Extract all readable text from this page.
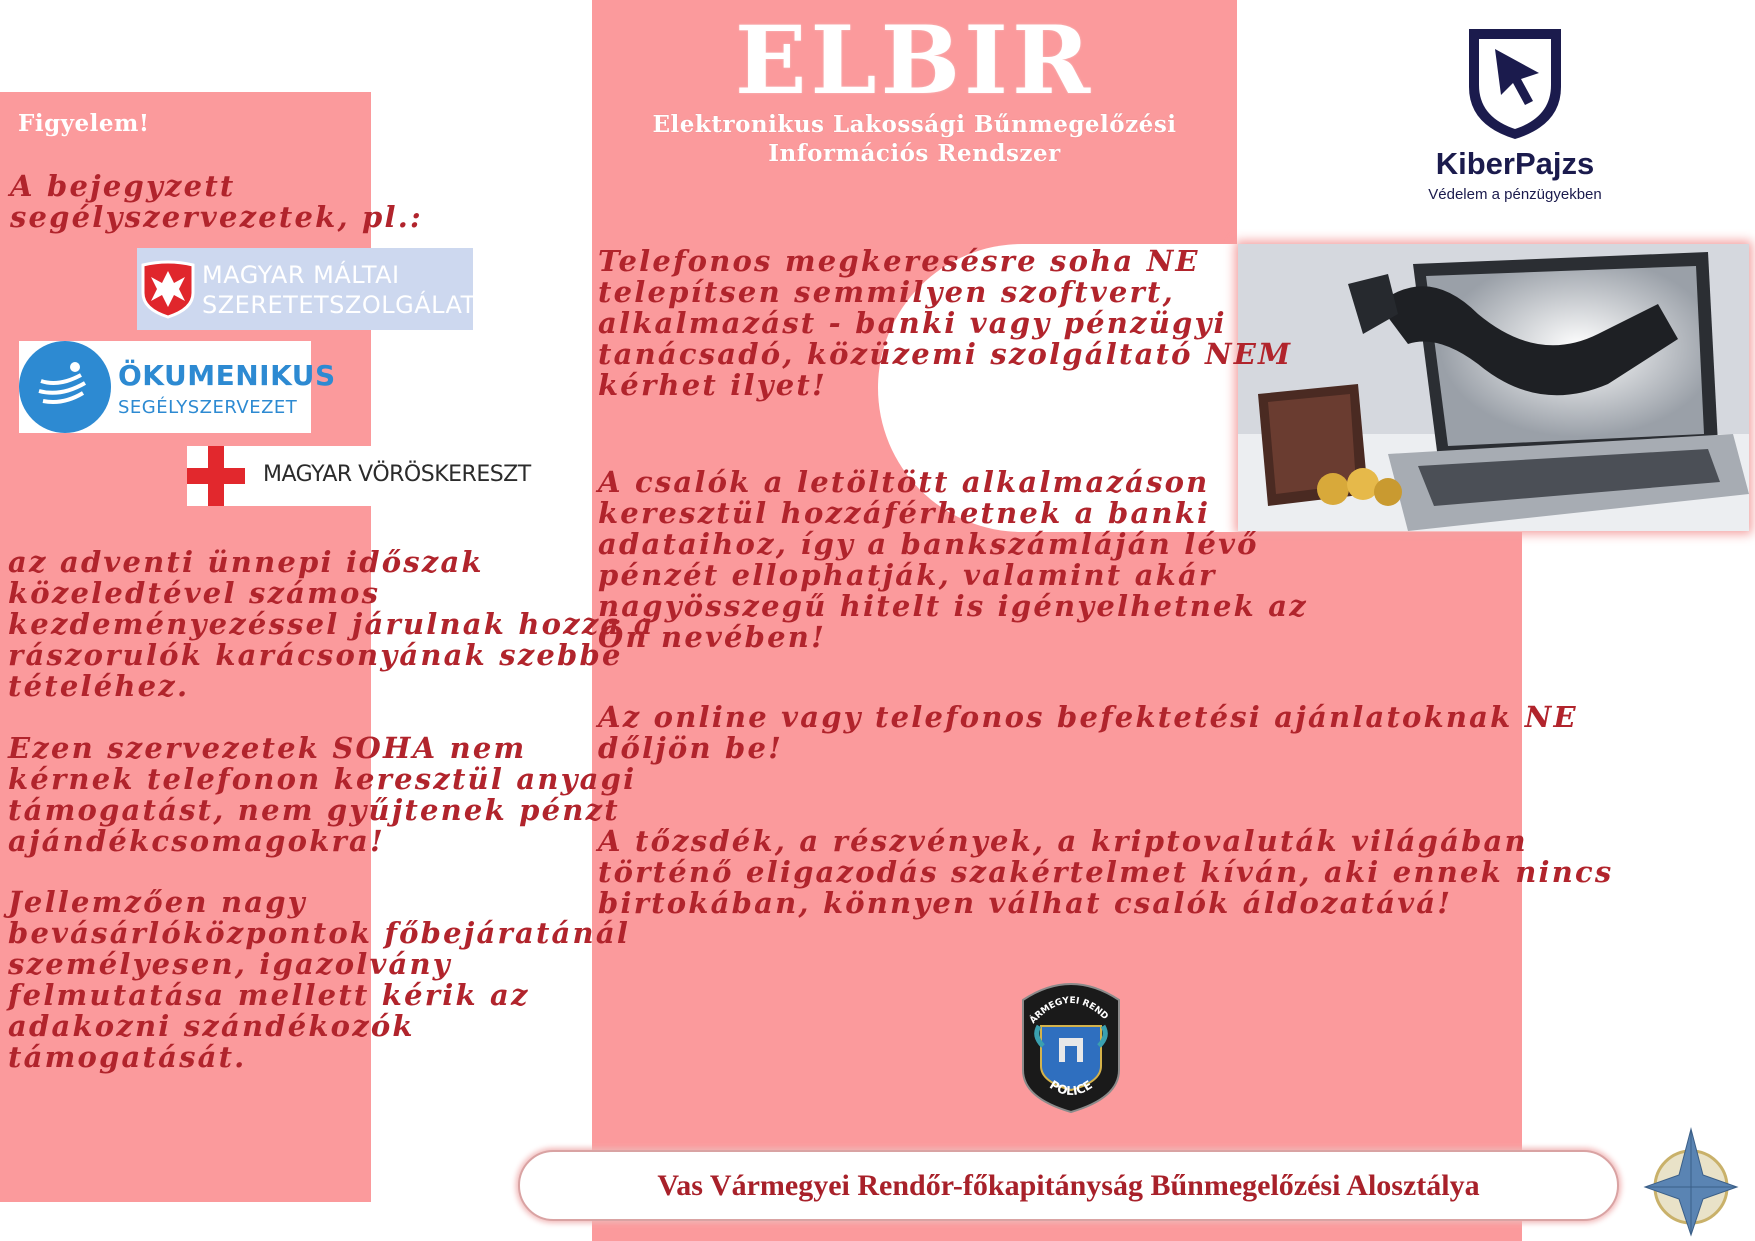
ELBIR
Elektronikus Lakossági Bűnmegelőzési
Információs Rendszer
Figyelem!
A bejegyzett
segélyszervezetek, pl.:
az adventi ünnepi időszak
közeledtével számos
kezdeményezéssel járulnak hozzá a
rászorulók karácsonyának szebbé
tételéhez.
Ezen szervezetek SOHA nem
kérnek telefonon keresztül anyagi
támogatást, nem gyűjtenek pénzt
ajándékcsomagokra!
Jellemzően nagy
bevásárlóközpontok főbejáratánál
személyesen, igazolvány
felmutatása mellett kérik az
adakozni szándékozók
támogatását.
MAGYAR MÁLTAI
SZERETETSZOLGÁLAT
ÖKUMENIKUS
SEGÉLYSZERVEZET
MAGYAR VÖRÖSKERESZT
KiberPajzs
Védelem a pénzügyekben
Telefonos megkeresésre soha NE
telepítsen semmilyen szoftvert,
alkalmazást - banki vagy pénzügyi
tanácsadó, közüzemi szolgáltató NEM
kérhet ilyet!
A csalók a letöltött alkalmazáson
keresztül hozzáférhetnek a banki
adataihoz, így a bankszámláján lévő
pénzét ellophatják, valamint akár
nagyösszegű hitelt is igényelhetnek az
Ön nevében!
Az online vagy telefonos befektetési ajánlatoknak NE
dőljön be!
A tőzsdék, a részvények, a kriptovaluták világában
történő eligazodás szakértelmet kíván, aki ennek nincs
birtokában, könnyen válhat csalók áldozatává!
ÁRMEGYEI REND
POLICE
Vas Vármegyei Rendőr-főkapitányság Bűnmegelőzési Alosztálya
